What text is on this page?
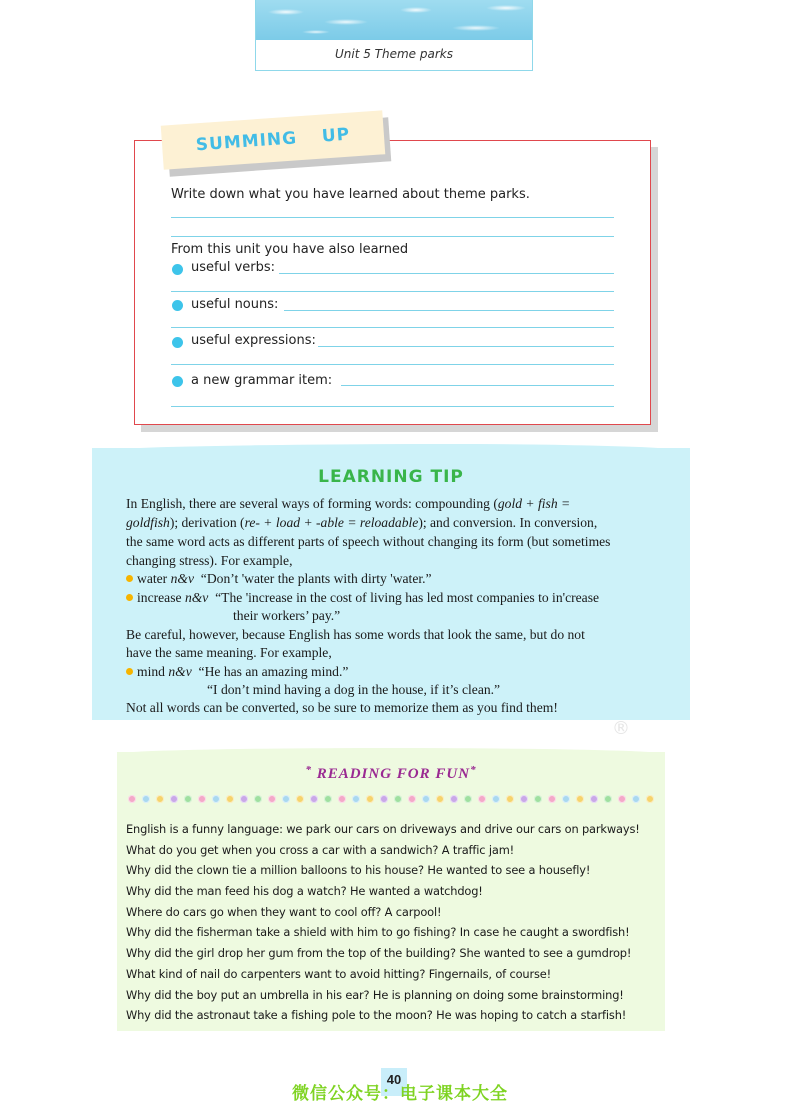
Unit 5 Theme parks
SUMMING UP
Write down what you have learned about theme parks.
From this unit you have also learned
useful verbs:
useful nouns:
useful expressions:
a new grammar item:
LEARNING TIP
In English, there are several ways of forming words: compounding (gold + fish =
goldfish); derivation (re- + load + -able = reloadable); and conversion. In conversion,
the same word acts as different parts of speech without changing its form (but sometimes
changing stress). For example,
water n&v  “Don’t 'water the plants with dirty 'water.”
increase n&v  “The 'increase in the cost of living has led most companies to in'crease
their workers’ pay.”
Be careful, however, because English has some words that look the same, but do not
have the same meaning. For example,
mind n&v  “He has an amazing mind.”
“I don’t mind having a dog in the house, if it’s clean.”
Not all words can be converted, so be sure to memorize them as you find them!
®
* READING FOR FUN*
English is a funny language: we park our cars on driveways and drive our cars on parkways!
What do you get when you cross a car with a sandwich? A traffic jam!
Why did the clown tie a million balloons to his house? He wanted to see a housefly!
Why did the man feed his dog a watch? He wanted a watchdog!
Where do cars go when they want to cool off? A carpool!
Why did the fisherman take a shield with him to go fishing? In case he caught a swordfish!
Why did the girl drop her gum from the top of the building? She wanted to see a gumdrop!
What kind of nail do carpenters want to avoid hitting? Fingernails, of course!
Why did the boy put an umbrella in his ear? He is planning on doing some brainstorming!
Why did the astronaut take a fishing pole to the moon? He was hoping to catch a starfish!
40
微信公众号：电子课本大全
